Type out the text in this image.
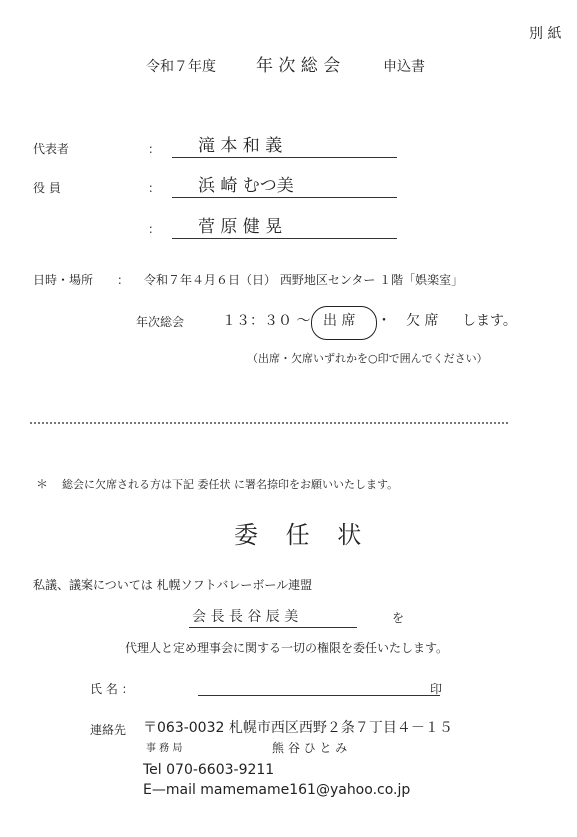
別 紙
令和７年度 年 次 総 会	申込書
代表者	： 滝 本 和 義
役 員	： 浜 崎 むつ美
： 菅 原 健 晃
日時・場所 ： 令和７年４月６日（日） 西野地区センター １階「娯楽室」
年次総会	１３：３０ ～ 出 席 ・ 欠 席 します。
（出席・欠席いずれかを○印で囲んでください）
＊ 総会に欠席される方は下記 委任状 に署名捺印をお願いいたします。
委 任 状
私議、議案については 札幌ソフトバレーボール連盟
会 長 長 谷 辰 美	を
代理人と定め理事会に関する一切の権限を委任いたします。
氏 名 ：	印
連絡先 〒063-0032 札幌市西区西野２条７丁目４－１５
事 務 局	熊 谷 ひ と み
Tel 070-6603-9211
E—mail mamemame161@yahoo.co.jp
